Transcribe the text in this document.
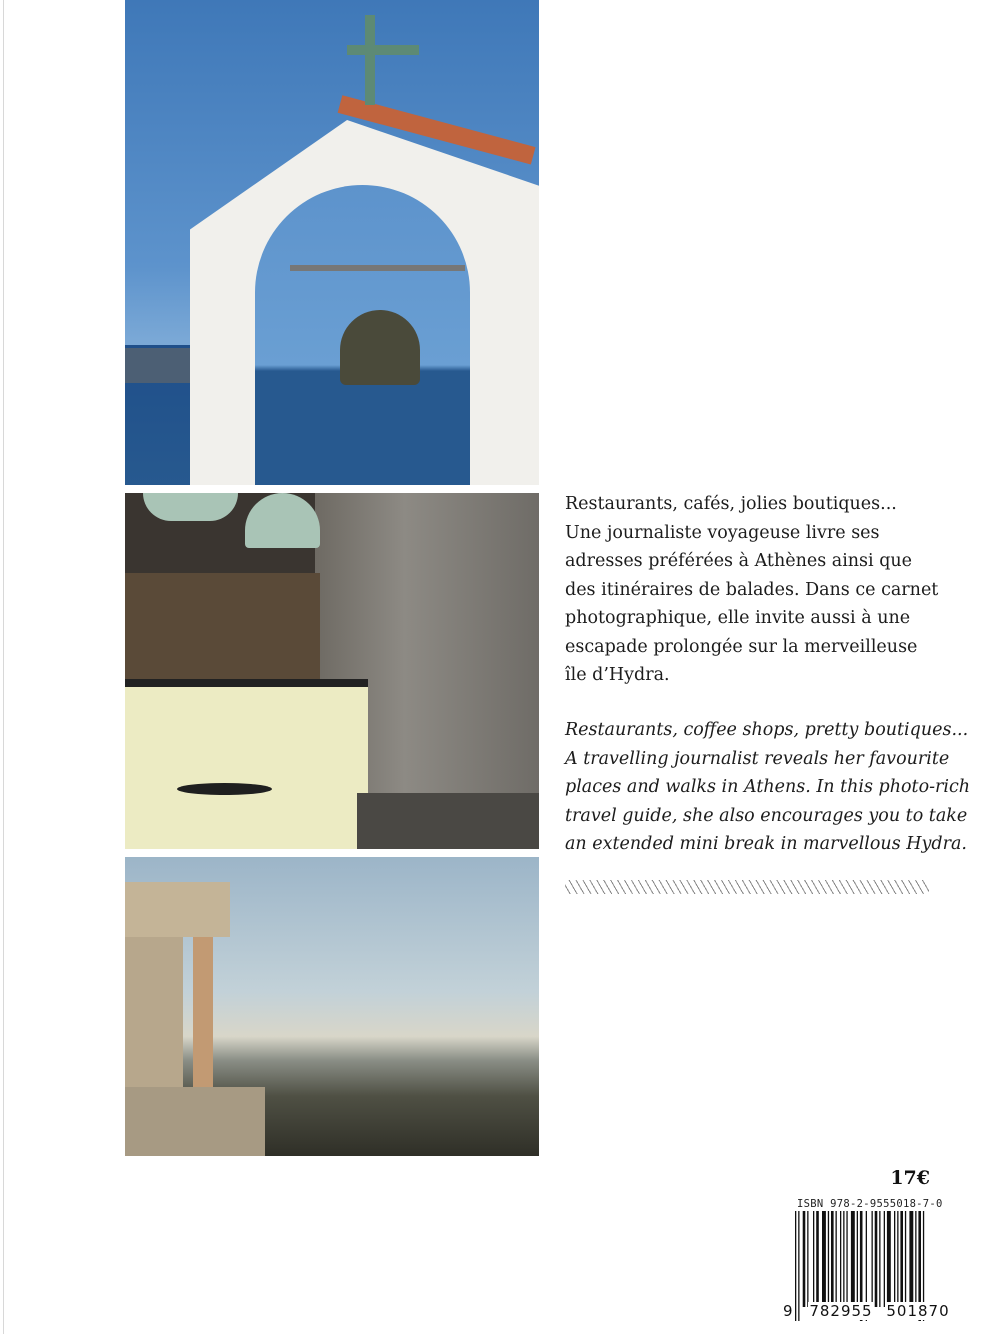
Restaurants, cafés, jolies boutiques...
Une journaliste voyageuse livre ses
adresses préférées à Athènes ainsi que
des itinéraires de balades. Dans ce carnet
photographique, elle invite aussi à une
escapade prolongée sur la merveilleuse
île d’Hydra.
Restaurants, coffee shops, pretty boutiques...
A travelling journalist reveals her favourite
places and walks in Athens. In this photo-rich
travel guide, she also encourages you to take
an extended mini break in marvellous Hydra.
17€
ISBN 978-2-9555018-7-0
9 782955 501870
